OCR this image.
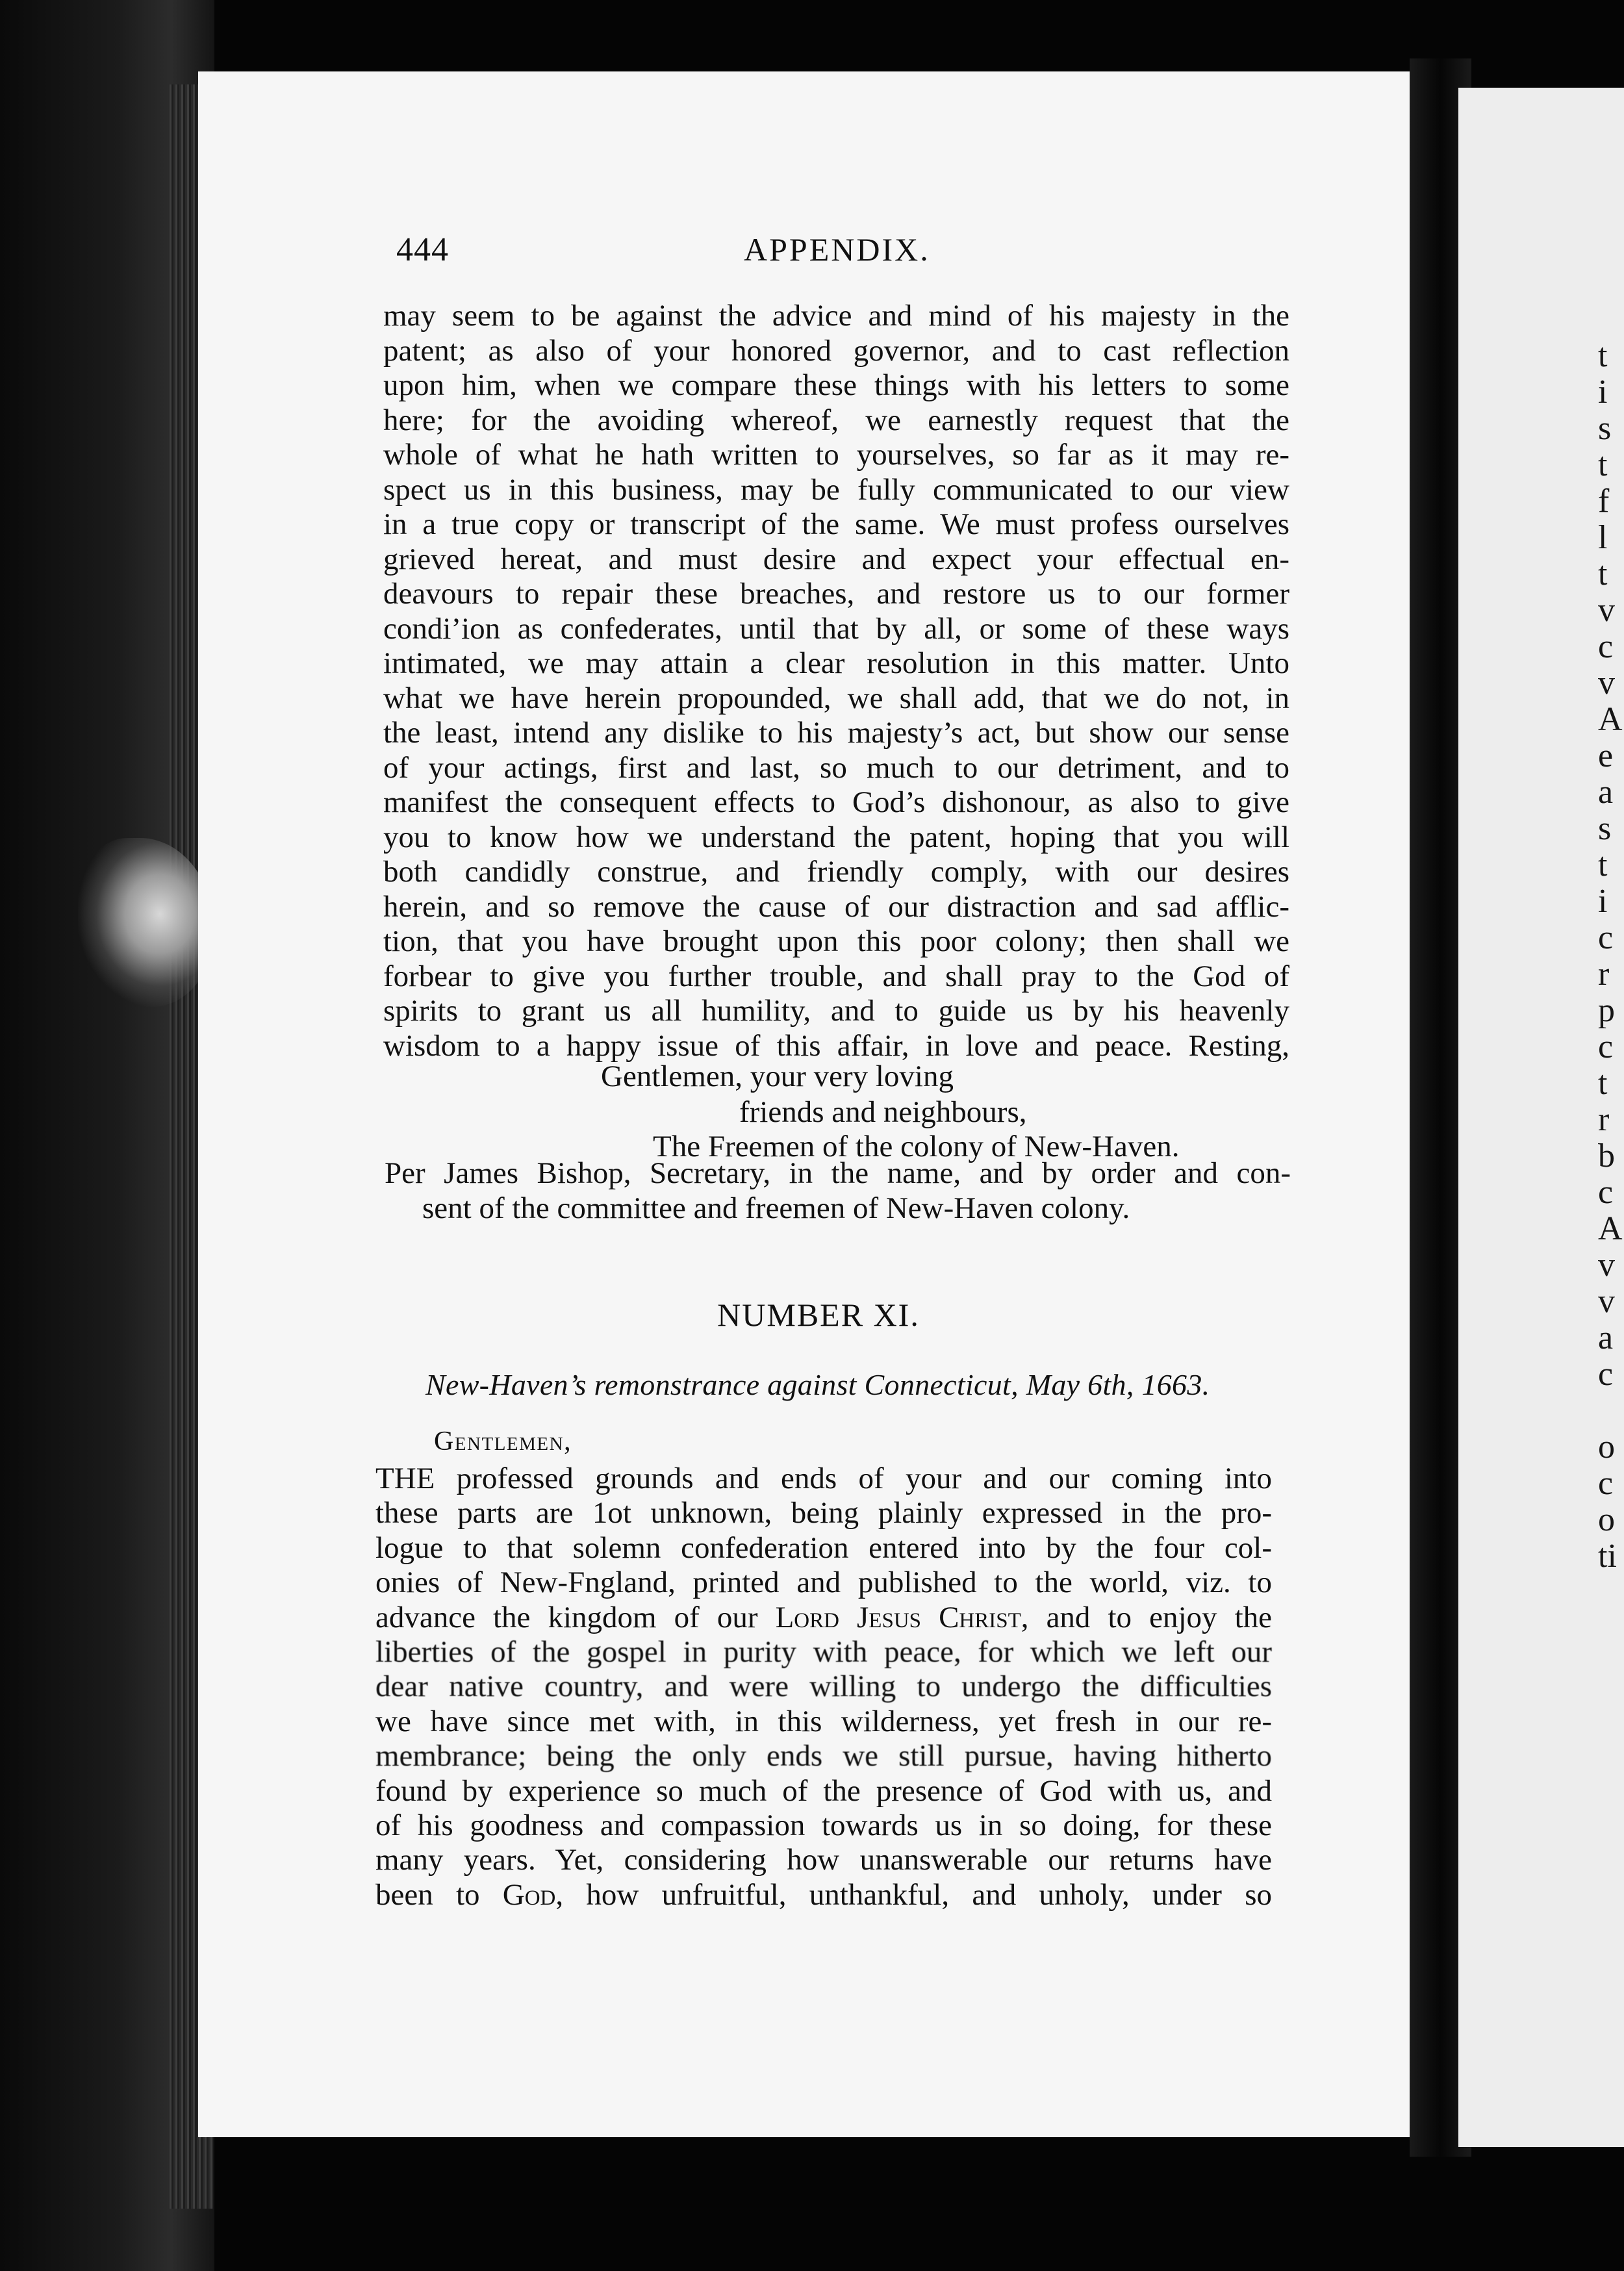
t
i
s
t
f
l
t
v
c
v
A
e
a
s
t
i
c
r
p
c
t
r
b
c
A
v
v
a
c
o
c
o
ti
444	APPENDIX.
may seem to be against the advice and mind of his majesty in the
patent; as also of your honored governor, and to cast reflection
upon him, when we compare these things with his letters to some
here; for the avoiding whereof, we earnestly request that the
whole of what he hath written to yourselves, so far as it may re-
spect us in this business, may be fully communicated to our view
in a true copy or transcript of the same. We must profess ourselves
grieved hereat, and must desire and expect your effectual en-
deavours to repair these breaches, and restore us to our former
condi’ion as confederates, until that by all, or some of these ways
intimated, we may attain a clear resolution in this matter. Unto
what we have herein propounded, we shall add, that we do not, in
the least, intend any dislike to his majesty’s act, but show our sense
of your actings, first and last, so much to our detriment, and to
manifest the consequent effects to God’s dishonour, as also to give
you to know how we understand the patent, hoping that you will
both candidly construe, and friendly comply, with our desires
herein, and so remove the cause of our distraction and sad afflic-
tion, that you have brought upon this poor colony; then shall we
forbear to give you further trouble, and shall pray to the God of
spirits to grant us all humility, and to guide us by his heavenly
wisdom to a happy issue of this affair, in love and peace. Resting,
Gentlemen, your very loving
friends and neighbours,
The Freemen of the colony of New-Haven.
Per James Bishop, Secretary, in the name, and by order and con-
sent of the committee and freemen of New-Haven colony.
NUMBER XI.
New-Haven’s remonstrance against Connecticut, May 6th, 1663.
Gentlemen,
THE professed grounds and ends of your and our coming into
these parts are 1ot unknown, being plainly expressed in the pro-
logue to that solemn confederation entered into by the four col-
onies of New-Fngland, printed and published to the world, viz. to
advance the kingdom of our Lord Jesus Christ, and to enjoy the
liberties of the gospel in purity with peace, for which we left our
dear native country, and were willing to undergo the difficulties
we have since met with, in this wilderness, yet fresh in our re-
membrance; being the only ends we still pursue, having hitherto
found by experience so much of the presence of God with us, and
of his goodness and compassion towards us in so doing, for these
many years. Yet, considering how unanswerable our returns have
been to God, how unfruitful, unthankful, and unholy, under so
